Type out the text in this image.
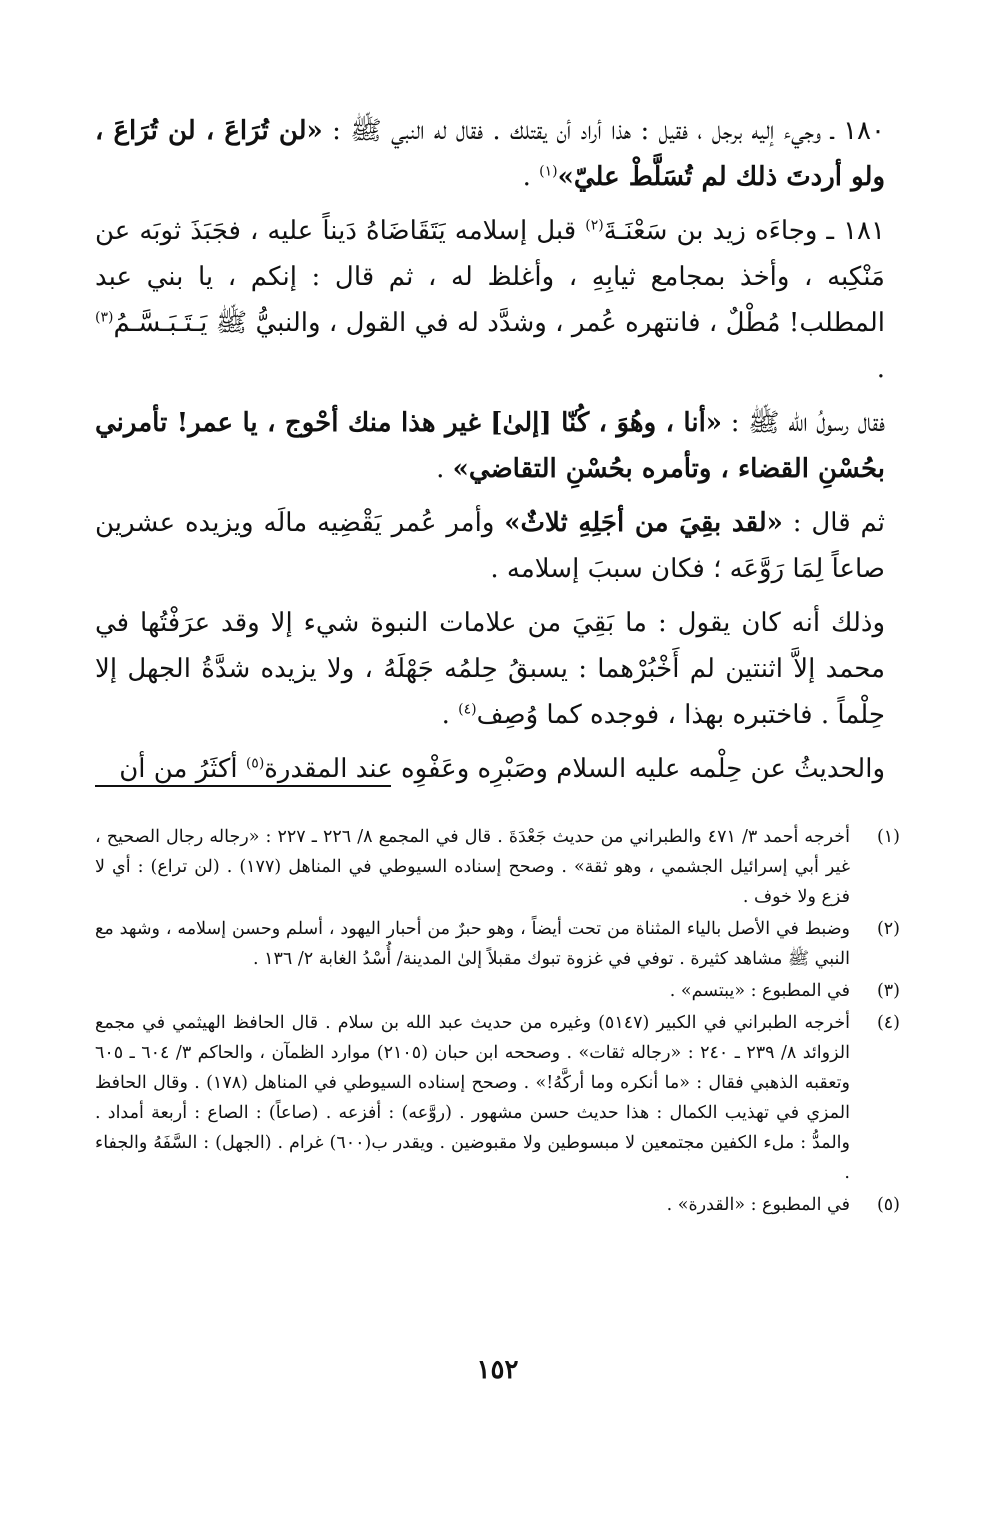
١٨٠ ـ وجيء إليه برجل ، فقيل : هذا أراد أن يقتلك . فقال له النبي ﷺ : «لن تُرَاعَ ، لن تُرَاعَ ، ولو أردتَ ذلك لم تُسَلَّطْ عليّ»$^{(١)}$ .

١٨١ ـ وجاءَه زيد بن سَعْنَـةَ$^{(٢)}$ قبل إسلامه يَتَقَاضَاهُ دَيناً عليه ، فجَبَذَ ثوبَه عن مَنْكِبه ، وأخذ بمجامع ثيابِهِ ، وأغلظ له ، ثم قال : إنكم ، يا بني عبد المطلب! مُطْلٌ ، فانتهره عُمر ، وشدَّد له في القول ، والنبيُّ ﷺ يَـتَـبَـسَّـمُ$^{(٣)}$ .

فقال رسولُ الله ﷺ : «أنا ، وهُوَ ، كُنّا [إلىٰ] غير هذا منك أحْوج ، يا عمر! تأمرني بحُسْنِ القضاء ، وتأمره بحُسْنِ التقاضي» .

ثم قال : «لقد بقِيَ من أجَلِهِ ثلاثٌ» وأمر عُمر يَقْضِيه مالَه ويزيده عشرين صاعاً لِمَا رَوَّعَه ؛ فكان سببَ إسلامه .

وذلك أنه كان يقول : ما بَقِيَ من علامات النبوة شيء إلا وقد عرَفْتُها في محمد إلاَّ اثنتين لم أَخْبُرْهما : يسبقُ حِلمُه جَهْلَهُ ، ولا يزيده شدَّةُ الجهل إلا حِلْماً . فاختبره بهذا ، فوجده كما وُصِف$^{(٤)}$ .

والحديثُ عن حِلْمه عليه السلام وصَبْرِه وعَفْوِه عند المقدرة$^{(٥)}$ أكثَرُ من أن

(١)
أخرجه أحمد ٣/ ٤٧١ والطبراني من حديث جَعْدَةَ . قال في المجمع ٨/ ٢٢٦ ـ ٢٢٧ : «رجاله رجال الصحيح ، غير أبي إسرائيل الجشمي ، وهو ثقة» . وصحح إسناده السيوطي في المناهل (١٧٧) . (لن تراع) : أي لا فزع ولا خوف .
(٢)
وضبط في الأصل بالياء المثناة من تحت أيضاً ، وهو حبرٌ من أحبار اليهود ، أسلم وحسن إسلامه ، وشهد مع النبي ﷺ مشاهد كثيرة . توفي في غزوة تبوك مقبلاً إلىٰ المدينة/ أُسْدُ الغابة ٢/ ١٣٦ .
(٣)
في المطبوع : «يبتسم» .
(٤)
أخرجه الطبراني في الكبير (٥١٤٧) وغيره من حديث عبد الله بن سلام . قال الحافظ الهيثمي في مجمع الزوائد ٨/ ٢٣٩ ـ ٢٤٠ : «رجاله ثقات» . وصححه ابن حبان (٢١٠٥) موارد الظمآن ، والحاكم ٣/ ٦٠٤ ـ ٦٠٥ وتعقبه الذهبي فقال : «ما أنكره وما أركَّهُ!» . وصحح إسناده السيوطي في المناهل (١٧٨) . وقال الحافظ المزي في تهذيب الكمال : هذا حديث حسن مشهور . (روَّعه) : أفزعه . (صاعاً) : الصاع : أربعة أمداد . والمدُّ : ملء الكفين مجتمعين لا مبسوطين ولا مقبوضين . ويقدر ب(٦٠٠) غرام . (الجهل) : السَّفَهُ والجفاء .
(٥)
في المطبوع : «القدرة» .
١٥٢
